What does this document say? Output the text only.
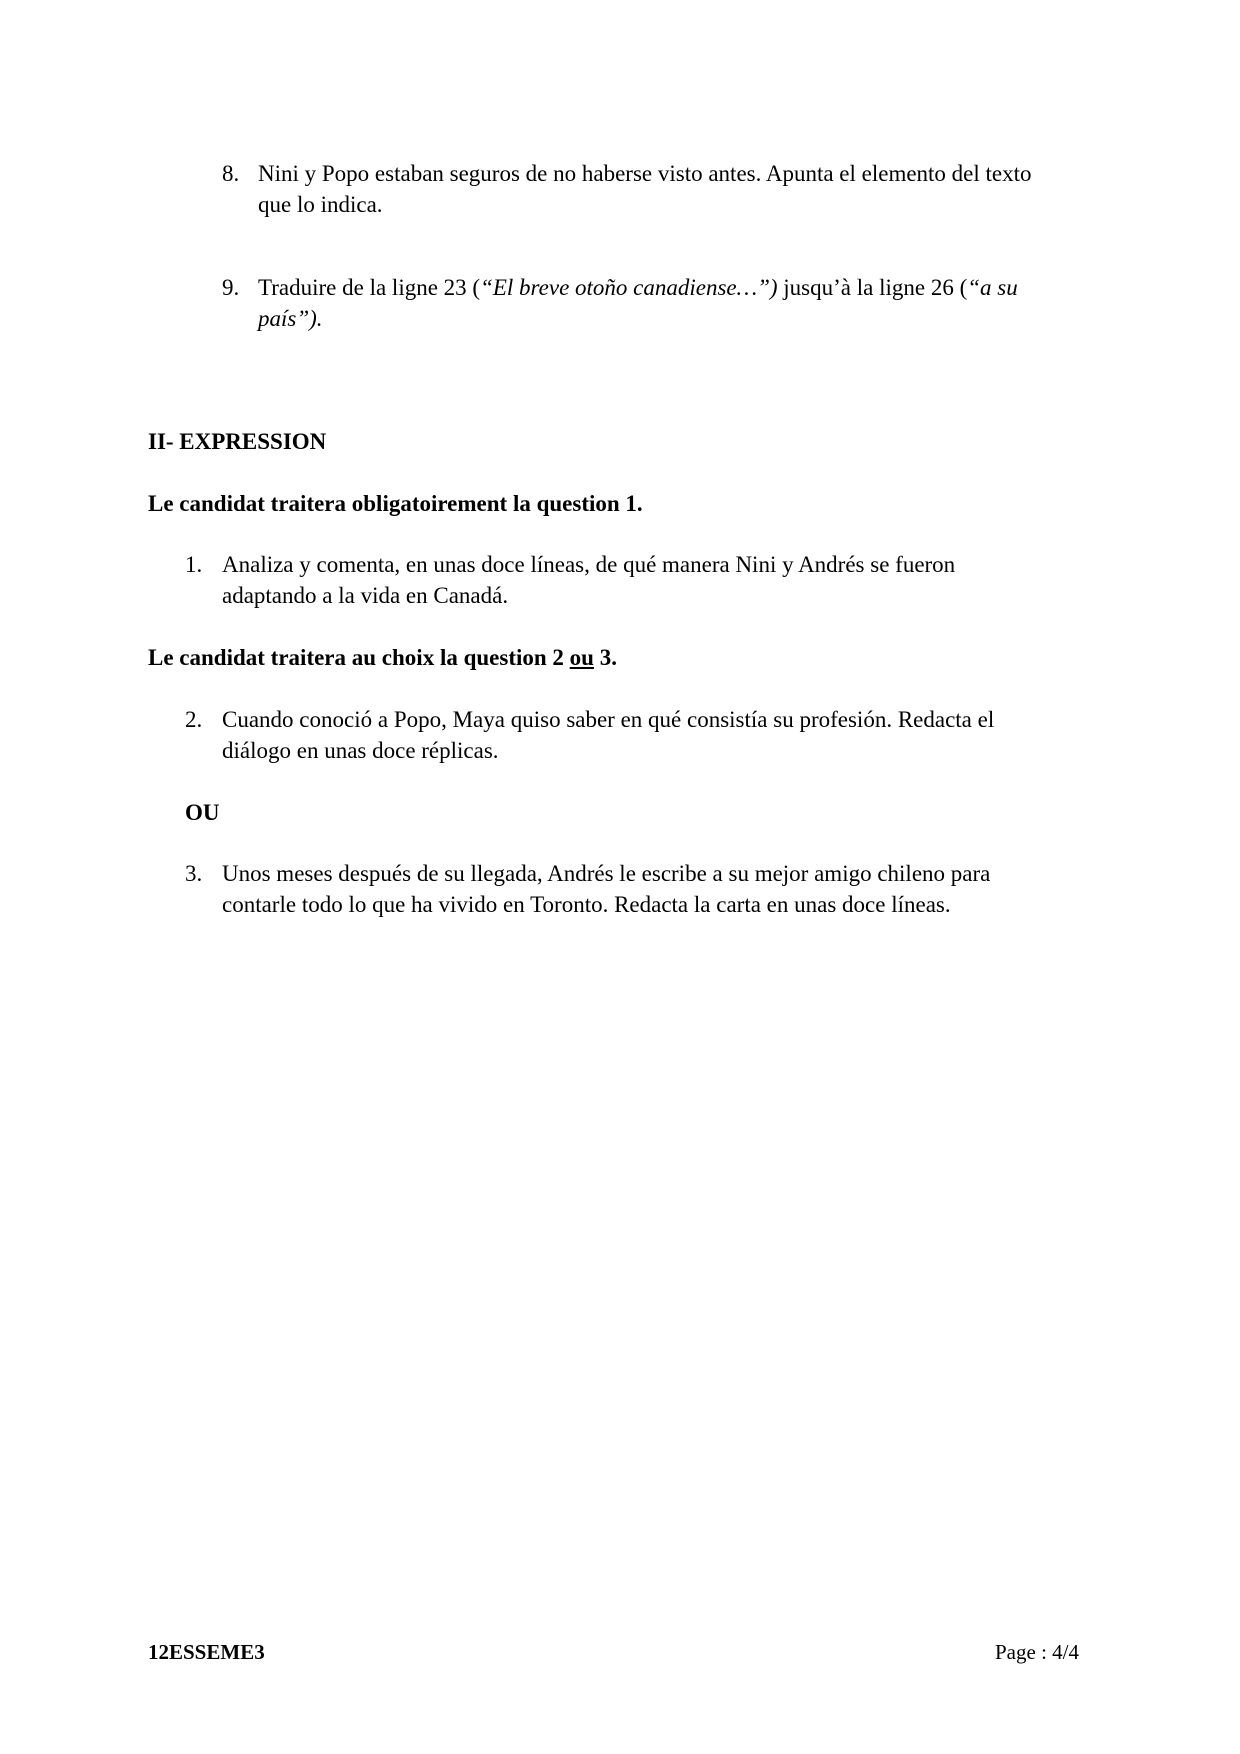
8. Nini y Popo estaban seguros de no haberse visto antes. Apunta el elemento del texto
que lo indica.
9. Traduire de la ligne 23 (“El breve otoño canadiense…”) jusqu’à la ligne 26 (“a su
país”).
II- EXPRESSION
Le candidat traitera obligatoirement la question 1.
1. Analiza y comenta, en unas doce líneas, de qué manera Nini y Andrés se fueron
adaptando a la vida en Canadá.
Le candidat traitera au choix la question 2 ou 3.
2. Cuando conoció a Popo, Maya quiso saber en qué consistía su profesión. Redacta el
diálogo en unas doce réplicas.
OU
3. Unos meses después de su llegada, Andrés le escribe a su mejor amigo chileno para
contarle todo lo que ha vivido en Toronto. Redacta la carta en unas doce líneas.
12ESSEME3	Page : 4/4
